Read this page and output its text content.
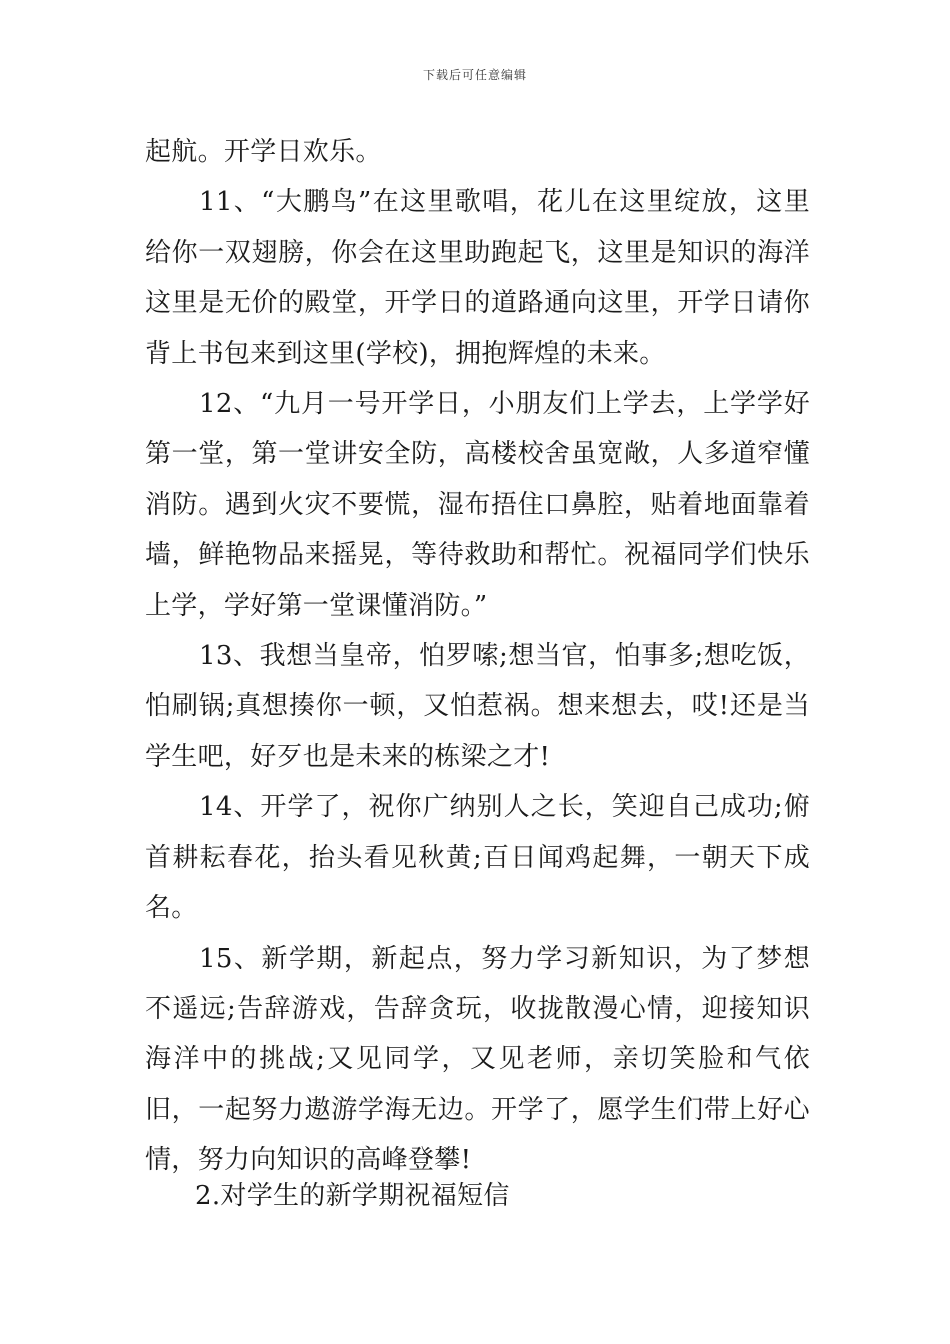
下载后可任意编辑

起航。开学日欢乐。

11、“大鹏鸟”在这里歌唱，花儿在这里绽放，这里给你一双翅膀，你会在这里助跑起飞，这里是知识的海洋这里是无价的殿堂，开学日的道路通向这里，开学日请你背上书包来到这里(学校)，拥抱辉煌的未来。

12、“九月一号开学日，小朋友们上学去，上学学好第一堂，第一堂讲安全防，高楼校舍虽宽敞，人多道窄懂消防。遇到火灾不要慌，湿布捂住口鼻腔，贴着地面靠着墙，鲜艳物品来摇晃，等待救助和帮忙。祝福同学们快乐上学，学好第一堂课懂消防。”

13、我想当皇帝，怕罗嗦;想当官，怕事多;想吃饭，怕刷锅;真想揍你一顿，又怕惹祸。想来想去，哎!还是当学生吧，好歹也是未来的栋梁之才!

14、开学了，祝你广纳别人之长，笑迎自己成功;俯首耕耘春花，抬头看见秋黄;百日闻鸡起舞，一朝天下成名。

15、新学期，新起点，努力学习新知识，为了梦想不遥远;告辞游戏，告辞贪玩，收拢散漫心情，迎接知识海洋中的挑战;又见同学，又见老师，亲切笑脸和气依旧，一起努力遨游学海无边。开学了，愿学生们带上好心情，努力向知识的高峰登攀!

2.对学生的新学期祝福短信
